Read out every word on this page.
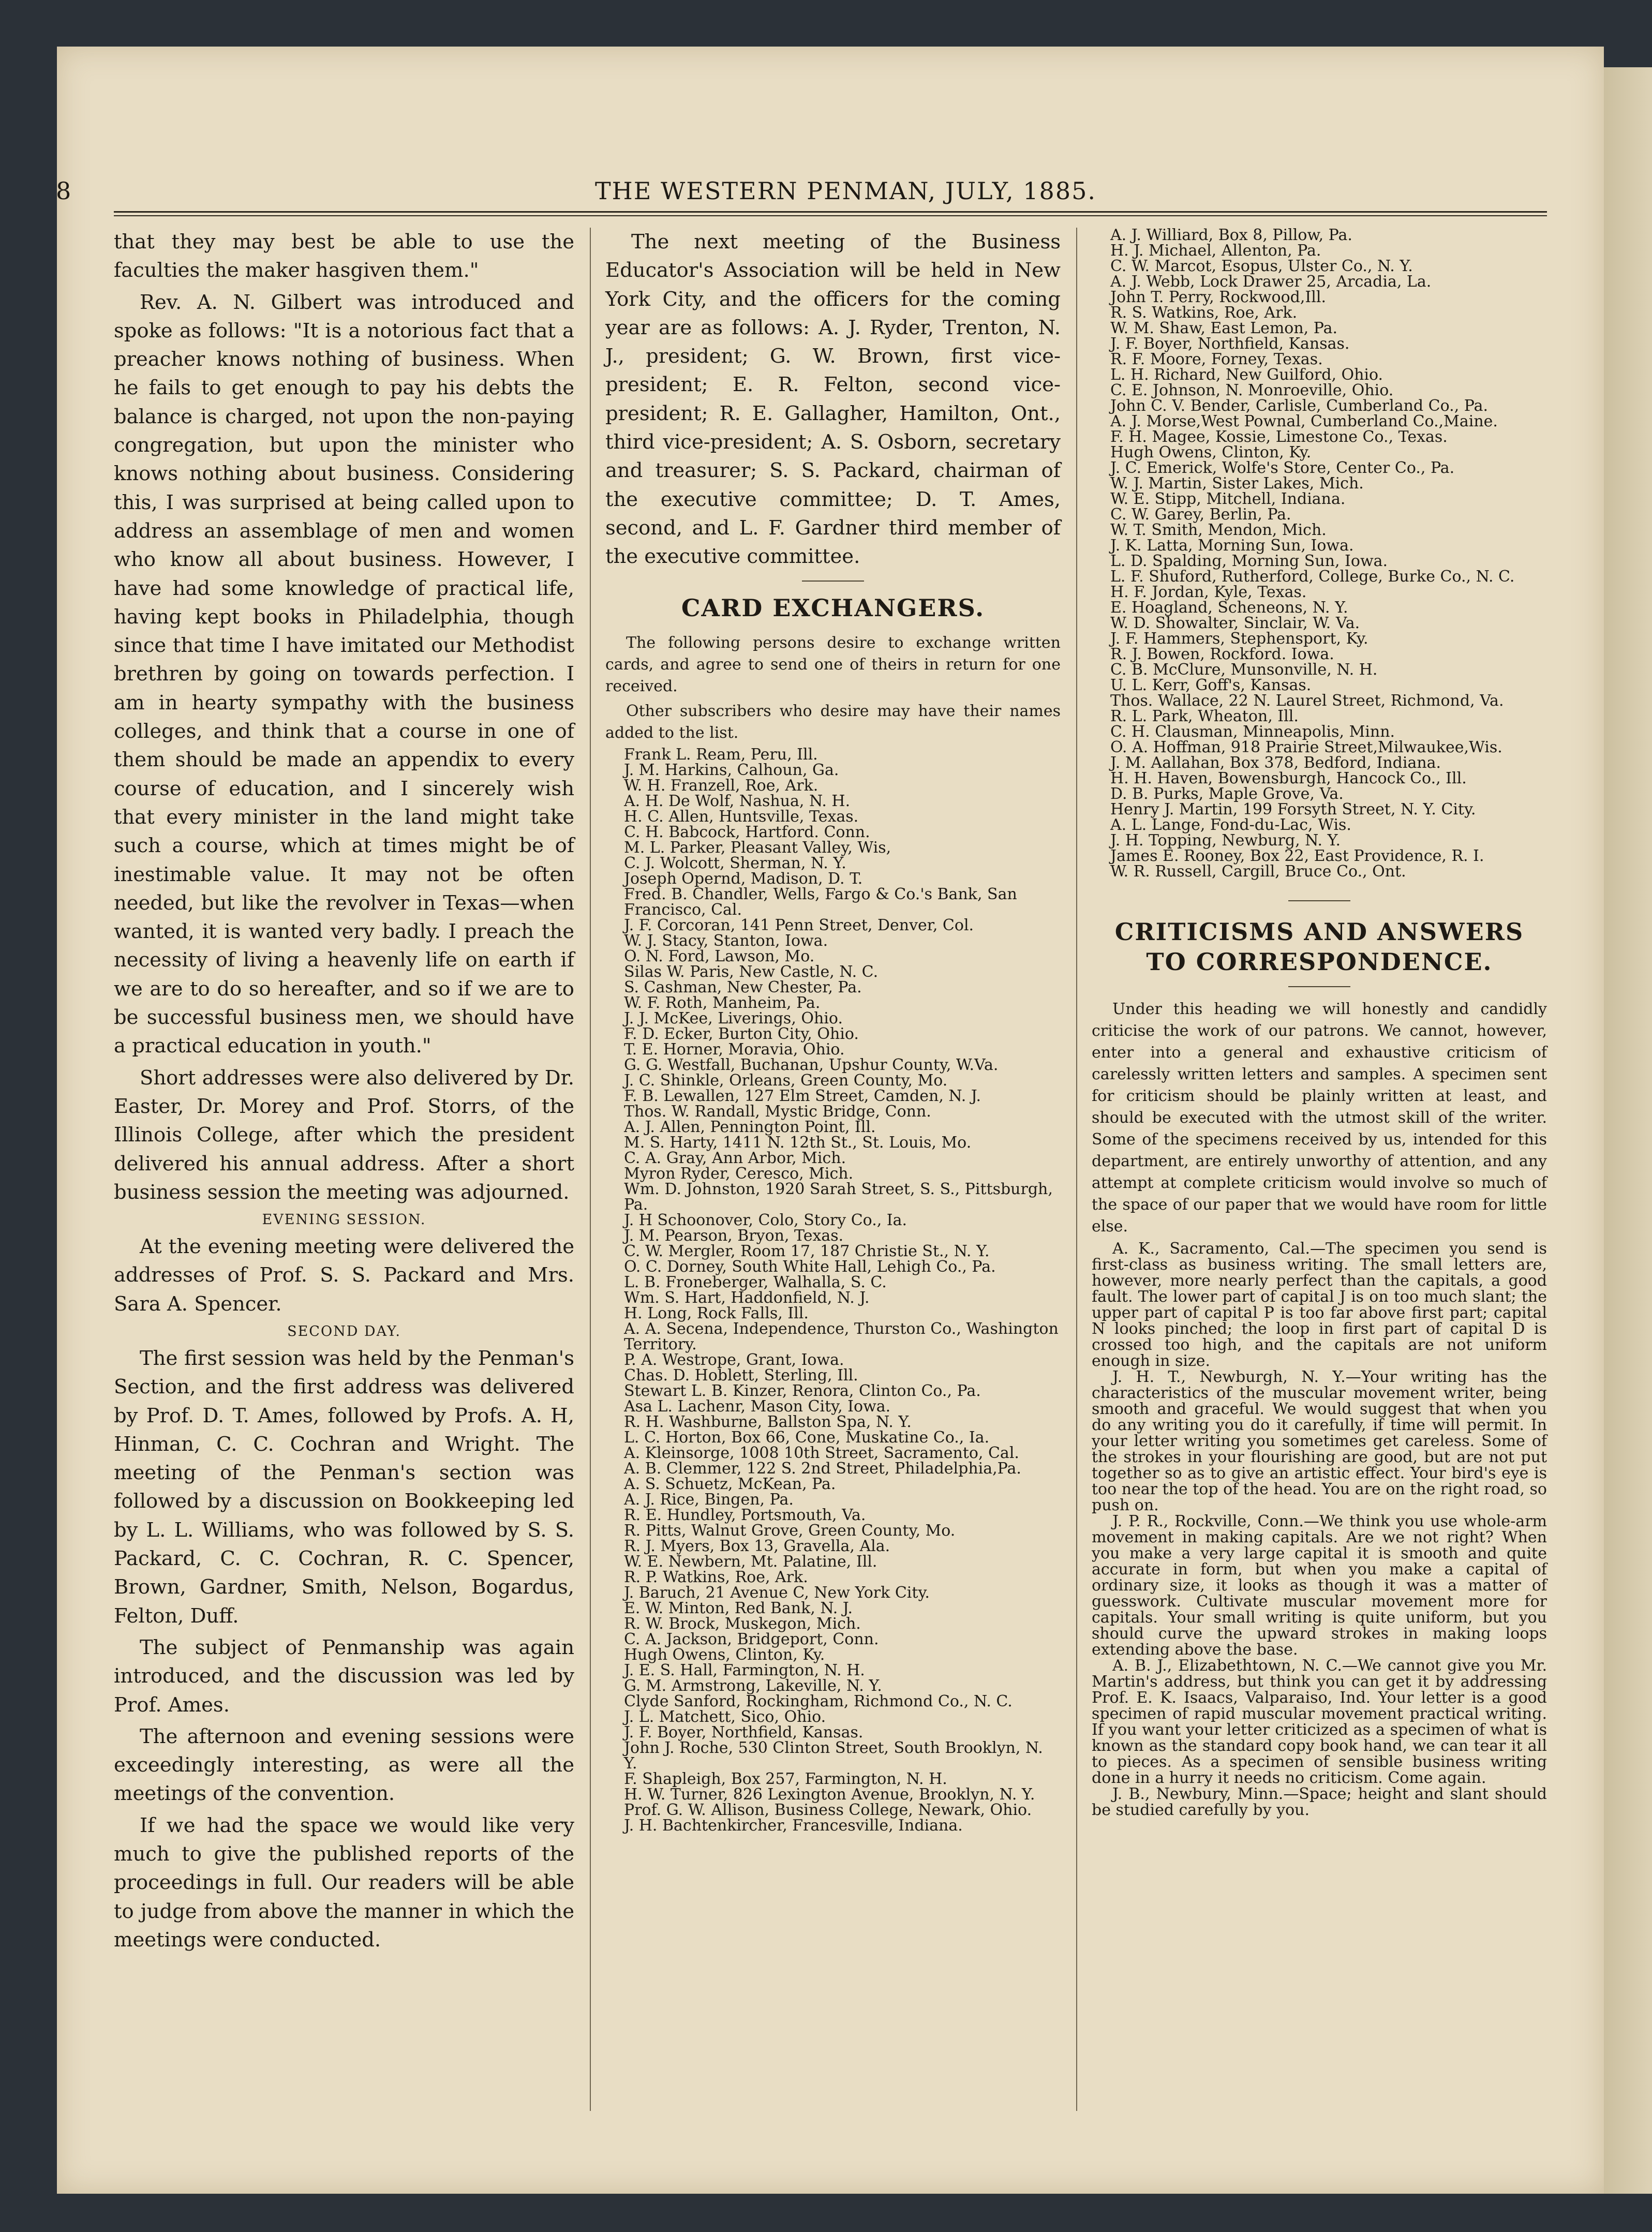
8	THE WESTERN PENMAN, JULY, 1885.

that they may best be able to use the faculties the maker hasgiven them."

Rev. A. N. Gilbert was introduced and spoke as follows: "It is a notorious fact that a preacher knows nothing of business. When he fails to get enough to pay his debts the balance is charged, not upon the non-paying congregation, but upon the minister who knows nothing about business. Considering this, I was surprised at being called upon to address an assemblage of men and women who know all about business. However, I have had some knowledge of practical life, having kept books in Philadelphia, though since that time I have imitated our Methodist brethren by going on towards perfection. I am in hearty sympathy with the business colleges, and think that a course in one of them should be made an appendix to every course of education, and I sincerely wish that every minister in the land might take such a course, which at times might be of inestimable value. It may not be often needed, but like the revolver in Texas—when wanted, it is wanted very badly. I preach the necessity of living a heavenly life on earth if we are to do so hereafter, and so if we are to be successful business men, we should have a practical education in youth."

Short addresses were also delivered by Dr. Easter, Dr. Morey and Prof. Storrs, of the Illinois College, after which the president delivered his annual address. After a short business session the meeting was adjourned.

EVENING SESSION.

At the evening meeting were delivered the addresses of Prof. S. S. Packard and Mrs. Sara A. Spencer.

SECOND DAY.

The first session was held by the Penman's Section, and the first address was delivered by Prof. D. T. Ames, followed by Profs. A. H, Hinman, C. C. Cochran and Wright. The meeting of the Penman's section was followed by a discussion on Bookkeeping led by L. L. Williams, who was followed by S. S. Packard, C. C. Cochran, R. C. Spencer, Brown, Gardner, Smith, Nelson, Bogardus, Felton, Duff.

The subject of Penmanship was again introduced, and the discussion was led by Prof. Ames.

The afternoon and evening sessions were exceedingly interesting, as were all the meetings of the convention.

If we had the space we would like very much to give the published reports of the proceedings in full. Our readers will be able to judge from above the manner in which the meetings were conducted.

The next meeting of the Business Educator's Association will be held in New York City, and the officers for the coming year are as follows: A. J. Ryder, Trenton, N. J., president; G. W. Brown, first vice-president; E. R. Felton, second vice-president; R. E. Gallagher, Hamilton, Ont., third vice-president; A. S. Osborn, secretary and treasurer; S. S. Packard, chairman of the executive committee; D. T. Ames, second, and L. F. Gardner third member of the executive committee.

CARD EXCHANGERS.

The following persons desire to exchange written cards, and agree to send one of theirs in return for one received.

Other subscribers who desire may have their names added to the list.

Frank L. Ream, Peru, Ill.
J. M. Harkins, Calhoun, Ga.
W. H. Franzell, Roe, Ark.
A. H. De Wolf, Nashua, N. H.
H. C. Allen, Huntsville, Texas.
C. H. Babcock, Hartford. Conn.
M. L. Parker, Pleasant Valley, Wis,
C. J. Wolcott, Sherman, N. Y.
Joseph Opernd, Madison, D. T.
Fred. B. Chandler, Wells, Fargo & Co.'s Bank, San Francisco, Cal.
J. F. Corcoran, 141 Penn Street, Denver, Col.
W. J. Stacy, Stanton, Iowa.
O. N. Ford, Lawson, Mo.
Silas W. Paris, New Castle, N. C.
S. Cashman, New Chester, Pa.
W. F. Roth, Manheim, Pa.
J. J. McKee, Liverings, Ohio.
F. D. Ecker, Burton City, Ohio.
T. E. Horner, Moravia, Ohio.
G. G. Westfall, Buchanan, Upshur County, W.Va.
J. C. Shinkle, Orleans, Green County, Mo.
F. B. Lewallen, 127 Elm Street, Camden, N. J.
Thos. W. Randall, Mystic Bridge, Conn.
A. J. Allen, Pennington Point, Ill.
M. S. Harty, 1411 N. 12th St., St. Louis, Mo.
C. A. Gray, Ann Arbor, Mich.
Myron Ryder, Ceresco, Mich.
Wm. D. Johnston, 1920 Sarah Street, S. S., Pittsburgh, Pa.
J. H Schoonover, Colo, Story Co., Ia.
J. M. Pearson, Bryon, Texas.
C. W. Mergler, Room 17, 187 Christie St., N. Y.
O. C. Dorney, South White Hall, Lehigh Co., Pa.
L. B. Froneberger, Walhalla, S. C.
Wm. S. Hart, Haddonfield, N. J.
H. Long, Rock Falls, Ill.
A. A. Secena, Independence, Thurston Co., Washington Territory.
P. A. Westrope, Grant, Iowa.
Chas. D. Hoblett, Sterling, Ill.
Stewart L. B. Kinzer, Renora, Clinton Co., Pa.
Asa L. Lachenr, Mason City, Iowa.
R. H. Washburne, Ballston Spa, N. Y.
L. C. Horton, Box 66, Cone, Muskatine Co., Ia.
A. Kleinsorge, 1008 10th Street, Sacramento, Cal.
A. B. Clemmer, 122 S. 2nd Street, Philadelphia,Pa.
A. S. Schuetz, McKean, Pa.
A. J. Rice, Bingen, Pa.
R. E. Hundley, Portsmouth, Va.
R. Pitts, Walnut Grove, Green County, Mo.
R. J. Myers, Box 13, Gravella, Ala.
W. E. Newbern, Mt. Palatine, Ill.
R. P. Watkins, Roe, Ark.
J. Baruch, 21 Avenue C, New York City.
E. W. Minton, Red Bank, N. J.
R. W. Brock, Muskegon, Mich.
C. A. Jackson, Bridgeport, Conn.
Hugh Owens, Clinton, Ky.
J. E. S. Hall, Farmington, N. H.
G. M. Armstrong, Lakeville, N. Y.
Clyde Sanford, Rockingham, Richmond Co., N. C.
J. L. Matchett, Sico, Ohio.
J. F. Boyer, Northfield, Kansas.
John J. Roche, 530 Clinton Street, South Brooklyn, N. Y.
F. Shapleigh, Box 257, Farmington, N. H.
H. W. Turner, 826 Lexington Avenue, Brooklyn, N. Y.
Prof. G. W. Allison, Business College, Newark, Ohio.
J. H. Bachtenkircher, Francesville, Indiana.
A. J. Williard, Box 8, Pillow, Pa.
H. J. Michael, Allenton, Pa.
C. W. Marcot, Esopus, Ulster Co., N. Y.
A. J. Webb, Lock Drawer 25, Arcadia, La.
John T. Perry, Rockwood,Ill.
R. S. Watkins, Roe, Ark.
W. M. Shaw, East Lemon, Pa.
J. F. Boyer, Northfield, Kansas.
R. F. Moore, Forney, Texas.
L. H. Richard, New Guilford, Ohio.
C. E. Johnson, N. Monroeville, Ohio.
John C. V. Bender, Carlisle, Cumberland Co., Pa.
A. J. Morse,West Pownal, Cumberland Co.,Maine.
F. H. Magee, Kossie, Limestone Co., Texas.
Hugh Owens, Clinton, Ky.
J. C. Emerick, Wolfe's Store, Center Co., Pa.
W. J. Martin, Sister Lakes, Mich.
W. E. Stipp, Mitchell, Indiana.
C. W. Garey, Berlin, Pa.
W. T. Smith, Mendon, Mich.
J. K. Latta, Morning Sun, Iowa.
L. D. Spalding, Morning Sun, Iowa.
L. F. Shuford, Rutherford, College, Burke Co., N. C.
H. F. Jordan, Kyle, Texas.
E. Hoagland, Scheneons, N. Y.
W. D. Showalter, Sinclair, W. Va.
J. F. Hammers, Stephensport, Ky.
R. J. Bowen, Rockford. Iowa.
C. B. McClure, Munsonville, N. H.
U. L. Kerr, Goff's, Kansas.
Thos. Wallace, 22 N. Laurel Street, Richmond, Va.
R. L. Park, Wheaton, Ill.
C. H. Clausman, Minneapolis, Minn.
O. A. Hoffman, 918 Prairie Street,Milwaukee,Wis.
J. M. Aallahan, Box 378, Bedford, Indiana.
H. H. Haven, Bowensburgh, Hancock Co., Ill.
D. B. Purks, Maple Grove, Va.
Henry J. Martin, 199 Forsyth Street, N. Y. City.
A. L. Lange, Fond-du-Lac, Wis.
J. H. Topping, Newburg, N. Y.
James E. Rooney, Box 22, East Providence, R. I.
W. R. Russell, Cargill, Bruce Co., Ont.
CRITICISMS AND ANSWERS
TO CORRESPONDENCE.

Under this heading we will honestly and candidly criticise the work of our patrons. We cannot, however, enter into a general and exhaustive criticism of carelessly written letters and samples. A specimen sent for criticism should be plainly written at least, and should be executed with the utmost skill of the writer. Some of the specimens received by us, intended for this department, are entirely unworthy of attention, and any attempt at complete criticism would involve so much of the space of our paper that we would have room for little else.

A. K., Sacramento, Cal.—The specimen you send is first-class as business writing. The small letters are, however, more nearly perfect than the capitals, a good fault. The lower part of capital J is on too much slant; the upper part of capital P is too far above first part; capital N looks pinched; the loop in first part of capital D is crossed too high, and the capitals are not uniform enough in size.

J. H. T., Newburgh, N. Y.—Your writing has the characteristics of the muscular movement writer, being smooth and graceful. We would suggest that when you do any writing you do it carefully, if time will permit. In your letter writing you sometimes get careless. Some of the strokes in your flourishing are good, but are not put together so as to give an artistic effect. Your bird's eye is too near the top of the head. You are on the right road, so push on.

J. P. R., Rockville, Conn.—We think you use whole-arm movement in making capitals. Are we not right? When you make a very large capital it is smooth and quite accurate in form, but when you make a capital of ordinary size, it looks as though it was a matter of guesswork. Cultivate muscular movement more for capitals. Your small writing is quite uniform, but you should curve the upward strokes in making loops extending above the base.

A. B. J., Elizabethtown, N. C.—We cannot give you Mr. Martin's address, but think you can get it by addressing Prof. E. K. Isaacs, Valparaiso, Ind. Your letter is a good specimen of rapid muscular movement practical writing. If you want your letter criticized as a specimen of what is known as the standard copy book hand, we can tear it all to pieces. As a specimen of sensible business writing done in a hurry it needs no criticism. Come again.

J. B., Newbury, Minn.—Space; height and slant should be studied carefully by you.
